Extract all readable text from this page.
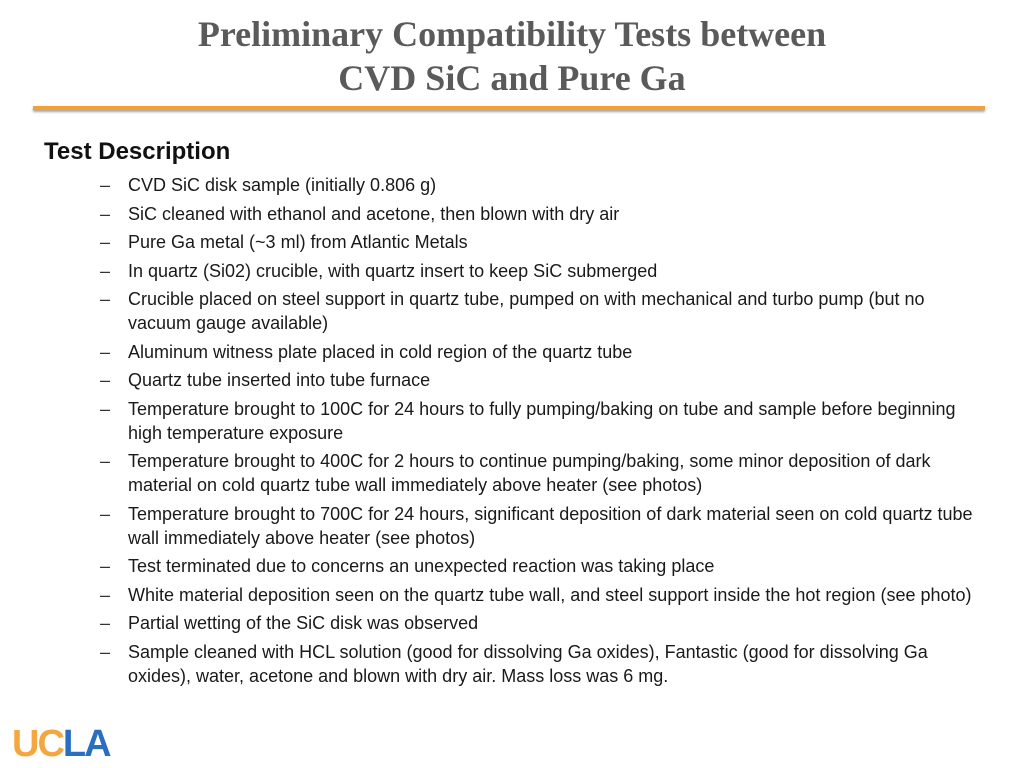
Preliminary Compatibility Tests between
CVD SiC and Pure Ga
Test Description
– CVD SiC disk sample (initially 0.806 g)
– SiC cleaned with ethanol and acetone, then blown with dry air
– Pure Ga metal (~3 ml) from Atlantic Metals
– In quartz (Si02) crucible, with quartz insert to keep SiC submerged
– Crucible placed on steel support in quartz tube, pumped on with mechanical and turbo pump (but no vacuum gauge available)
– Aluminum witness plate placed in cold region of the quartz tube
– Quartz tube inserted into tube furnace
– Temperature brought to 100C for 24 hours to fully pumping/baking on tube and sample before beginning high temperature exposure
– Temperature brought to 400C for 2 hours to continue pumping/baking, some minor deposition of dark material on cold quartz tube wall immediately above heater (see photos)
– Temperature brought to 700C for 24 hours, significant deposition of dark material seen on cold quartz tube wall immediately above heater (see photos)
– Test terminated due to concerns an unexpected reaction was taking place
– White material deposition seen on the quartz tube wall, and steel support inside the hot region (see photo)
– Partial wetting of the SiC disk was observed
– Sample cleaned with HCL solution (good for dissolving Ga oxides), Fantastic (good for dissolving Ga oxides), water, acetone and blown with dry air. Mass loss was 6 mg.
UCLA
